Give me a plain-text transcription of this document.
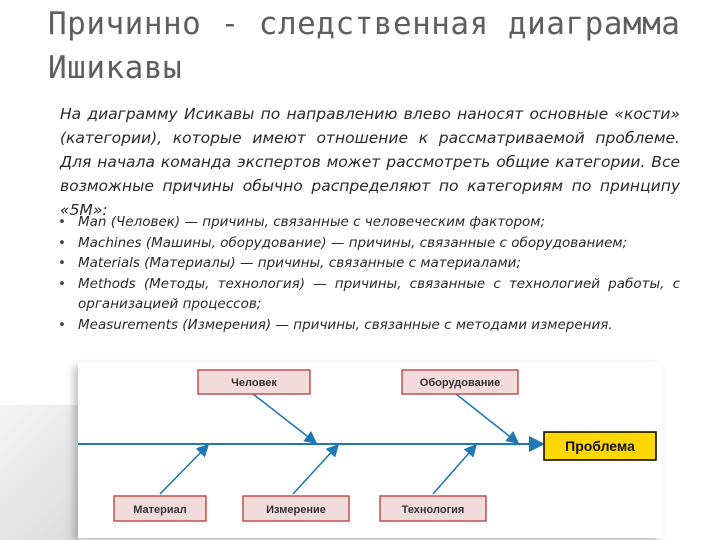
Причинно - следственная диаграмма Ишикавы

На диаграмму Исикавы по направлению влево наносят основные «кости» (категории), которые имеют отношение к рассматриваемой проблеме. Для начала команда экспертов может рассмотреть общие категории. Все возможные причины обычно распределяют по категориям по принципу «5М»:

• Man (Человек) — причины, связанные с человеческим фактором;
• Machines (Машины, оборудование) — причины, связанные с оборудованием;
• Materials (Материалы) — причины, связанные с материалами;
• Methods (Методы, технология) — причины, связанные с технологией работы, с организацией процессов;
• Measurements (Измерения) — причины, связанные с методами измерения.
Человек	Оборудование
Материал	Измерение	Технология
Проблема
